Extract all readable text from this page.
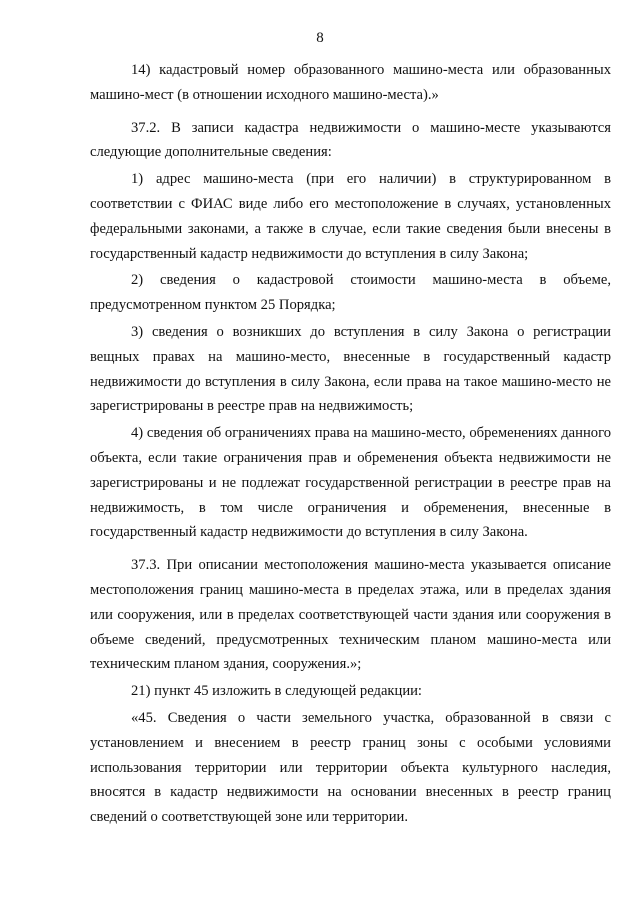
8

14) кадастровый номер образованного машино-места или образованных машино-мест (в отношении исходного машино-места).»

37.2. В записи кадастра недвижимости о машино-месте указываются следующие дополнительные сведения:

1) адрес машино-места (при его наличии) в структурированном в соответствии с ФИАС виде либо его местоположение в случаях, установленных федеральными законами, а также в случае, если такие сведения были внесены в государственный кадастр недвижимости до вступления в силу Закона;

2) сведения о кадастровой стоимости машино-места в объеме, предусмотренном пунктом 25 Порядка;

3) сведения о возникших до вступления в силу Закона о регистрации вещных правах на машино-место, внесенные в государственный кадастр недвижимости до вступления в силу Закона, если права на такое машино-место не зарегистрированы в реестре прав на недвижимость;

4) сведения об ограничениях права на машино-место, обременениях данного объекта, если такие ограничения прав и обременения объекта недвижимости не зарегистрированы и не подлежат государственной регистрации в реестре прав на недвижимость, в том числе ограничения и обременения, внесенные в государственный кадастр недвижимости до вступления в силу Закона.

37.3. При описании местоположения машино-места указывается описание местоположения границ машино-места в пределах этажа, или в пределах здания или сооружения, или в пределах соответствующей части здания или сооружения в объеме сведений, предусмотренных техническим планом машино-места или техническим планом здания, сооружения.»;

21) пункт 45 изложить в следующей редакции:

«45. Сведения о части земельного участка, образованной в связи с установлением и внесением в реестр границ зоны с особыми условиями использования территории или территории объекта культурного наследия, вносятся в кадастр недвижимости на основании внесенных в реестр границ сведений о соответствующей зоне или территории.
